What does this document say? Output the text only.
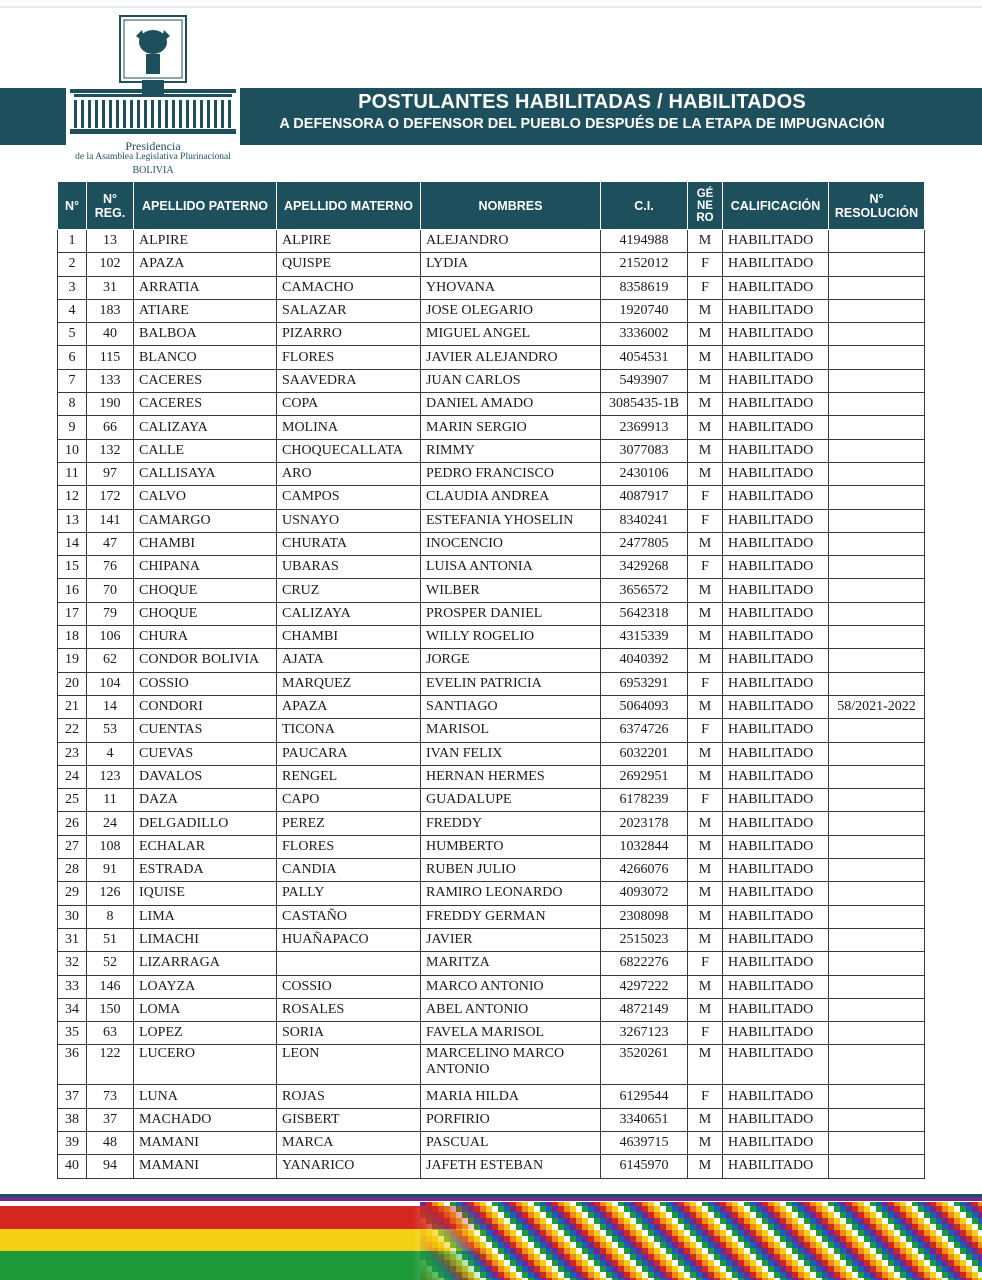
Presidencia
de la Asamblea Legislativa Plurinacional
BOLIVIA
POSTULANTES HABILITADAS / HABILITADOS
A DEFENSORA O DEFENSOR DEL PUEBLO DESPUÉS DE LA ETAPA DE IMPUGNACIÓN
N°	N° REG.	APELLIDO PATERNO	APELLIDO MATERNO	NOMBRES	C.I.	GÉ NE RO	CALIFICACIÓN	N° RESOLUCIÓN
1	13	ALPIRE	ALPIRE	ALEJANDRO	4194988	M	HABILITADO	
2	102	APAZA	QUISPE	LYDIA	2152012	F	HABILITADO	
3	31	ARRATIA	CAMACHO	YHOVANA	8358619	F	HABILITADO	
4	183	ATIARE	SALAZAR	JOSE OLEGARIO	1920740	M	HABILITADO	
5	40	BALBOA	PIZARRO	MIGUEL ANGEL	3336002	M	HABILITADO	
6	115	BLANCO	FLORES	JAVIER ALEJANDRO	4054531	M	HABILITADO	
7	133	CACERES	SAAVEDRA	JUAN CARLOS	5493907	M	HABILITADO	
8	190	CACERES	COPA	DANIEL AMADO	3085435-1B	M	HABILITADO	
9	66	CALIZAYA	MOLINA	MARIN SERGIO	2369913	M	HABILITADO	
10	132	CALLE	CHOQUECALLATA	RIMMY	3077083	M	HABILITADO	
11	97	CALLISAYA	ARO	PEDRO FRANCISCO	2430106	M	HABILITADO	
12	172	CALVO	CAMPOS	CLAUDIA ANDREA	4087917	F	HABILITADO	
13	141	CAMARGO	USNAYO	ESTEFANIA YHOSELIN	8340241	F	HABILITADO	
14	47	CHAMBI	CHURATA	INOCENCIO	2477805	M	HABILITADO	
15	76	CHIPANA	UBARAS	LUISA ANTONIA	3429268	F	HABILITADO	
16	70	CHOQUE	CRUZ	WILBER	3656572	M	HABILITADO	
17	79	CHOQUE	CALIZAYA	PROSPER DANIEL	5642318	M	HABILITADO	
18	106	CHURA	CHAMBI	WILLY ROGELIO	4315339	M	HABILITADO	
19	62	CONDOR BOLIVIA	AJATA	JORGE	4040392	M	HABILITADO	
20	104	COSSIO	MARQUEZ	EVELIN PATRICIA	6953291	F	HABILITADO	
21	14	CONDORI	APAZA	SANTIAGO	5064093	M	HABILITADO	58/2021-2022
22	53	CUENTAS	TICONA	MARISOL	6374726	F	HABILITADO	
23	4	CUEVAS	PAUCARA	IVAN FELIX	6032201	M	HABILITADO	
24	123	DAVALOS	RENGEL	HERNAN HERMES	2692951	M	HABILITADO	
25	11	DAZA	CAPO	GUADALUPE	6178239	F	HABILITADO	
26	24	DELGADILLO	PEREZ	FREDDY	2023178	M	HABILITADO	
27	108	ECHALAR	FLORES	HUMBERTO	1032844	M	HABILITADO	
28	91	ESTRADA	CANDIA	RUBEN JULIO	4266076	M	HABILITADO	
29	126	IQUISE	PALLY	RAMIRO LEONARDO	4093072	M	HABILITADO	
30	8	LIMA	CASTAÑO	FREDDY GERMAN	2308098	M	HABILITADO	
31	51	LIMACHI	HUAÑAPACO	JAVIER	2515023	M	HABILITADO	
32	52	LIZARRAGA		MARITZA	6822276	F	HABILITADO	
33	146	LOAYZA	COSSIO	MARCO ANTONIO	4297222	M	HABILITADO	
34	150	LOMA	ROSALES	ABEL ANTONIO	4872149	M	HABILITADO	
35	63	LOPEZ	SORIA	FAVELA MARISOL	3267123	F	HABILITADO	
36	122	LUCERO	LEON	MARCELINO MARCO ANTONIO	3520261	M	HABILITADO	
37	73	LUNA	ROJAS	MARIA HILDA	6129544	F	HABILITADO	
38	37	MACHADO	GISBERT	PORFIRIO	3340651	M	HABILITADO	
39	48	MAMANI	MARCA	PASCUAL	4639715	M	HABILITADO	
40	94	MAMANI	YANARICO	JAFETH ESTEBAN	6145970	M	HABILITADO	
